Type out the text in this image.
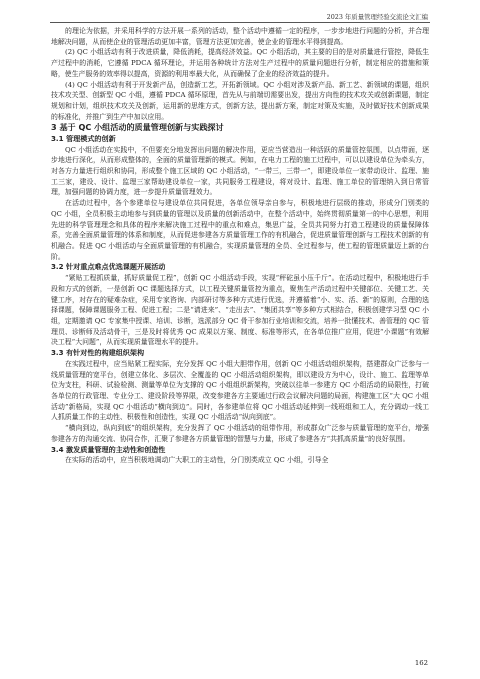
2023 年质量管理经验交流论文汇编

的理论为依据，并采用科学的方法开展一系列的活动，整个活动中遵循一定的程序，一步步地进行问题的分析，并合理地解决问题，从而使企业的管理活动更加丰富，管理方法更加完善，使企业的管理水平得到提高。

(2) QC 小组活动有利于改进质量，降低消耗，提高经济效益。QC 小组活动，其主要的目的是对质量进行管控，降低生产过程中的消耗，它遵循 PDCA 循环理论，并运用各种统计方法对生产过程中的质量问题进行分析，制定相应的措施和策略，使生产服务的效率得以提高，资源的利用率最大化，从而确保了企业的经济效益的提升。

(4) QC 小组活动有利于开发新产品，创造新工艺，开拓新领域。QC 小组对涉及新产品、新工艺、新领域的课题，组织技术攻关型、创新型 QC 小组，遵循 PDCA 循环原理，首先从与前端切需要出发，提出方向性的技术攻关或创新课题，制定规划和计划，组织技术攻关及创新，运用新的思维方式，创新方法，提出新方案，制定对策及实施，及时做好技术创新成果的标准化，并推广到生产中加以应用。

3 基于 QC 小组活动的质量管理创新与实践探讨
3.1 管理模式的创新

QC 小组活动在实践中，不但要充分地发挥出问题的解决作用，更应当营造出一种活跃的质量管控氛围，以点带面，逐步地进行深化，从而形成整体的，全面的质量管理新的模式。例如，在电力工程的施工过程中，可以以建设单位为牵头方，对各方力量进行组织和协同，形成整个施工区域的 QC 小组活动，“一带三，三带一”，即建设单位一家带动设计、监理、施工三家，建设、设计、监理三家帮助建设单位一家，共同服务工程建设，将对设计、监理、施工单位的管理纳入到日常管理，加强问题的协调力度，进一步提升质量管理效力。

在活动过程中，各个参建单位与建设单位共同促进，各单位领导亲自参与，积极地进行层级的推动，形成分门别类的 QC 小组，全员积极主动地参与到质量的管理以及质量的创新活动中，在整个活动中，始终贯彻质量第一的中心思想，利用先进的科学管理理念和具体的程序来解决施工过程中的重点和难点，集思广益，全员共同努力打造工程建设的质量保障体系，完善全面质量管理的体系和制度，从而促进参建各方质量管理工作的有机融合，促进质量管理创新与工程技术创新的有机融合。促进 QC 小组活动与全面质量管理的有机融合，实现质量管理的全员、全过程参与，使工程的管理质量迈上新的台阶。

3.2 针对重点难点优选课题开展活动

“紧贴工程抓质量，抓好质量促工程”，创新 QC 小组活动手段，实现“秤砣虽小压千斤”。在活动过程中，积极地进行手段和方式的创新，一是创新 QC 课题选择方式，以工程关键质量管控为重点，聚焦生产活动过程中关键部位、关键工艺、关键工序，对存在的疑难杂症，采用专家咨询、内部研讨等多种方式进行优选，并遵循着“小、实、活、新”的原则，合理的选择课题，保障课题服务工程、促进工程；二是“请进来”、“走出去”、“集团共享”等多种方式相结合，积极创建学习型 QC 小组，定期邀请 QC 专家集中授课、培训、诊断，选派部分 QC 骨干参加行业培训和交流，培养一批懂技术、善管理的 QC 管理员、诊断师及活动骨干，三是及时将优秀 QC 成果以方案、制度、标准等形式，在各单位推广应用，促进“小课题”有效解决工程“大问题”，从而实现质量管理水平的提升。

3.3 有针对性的构建组织架构

在实践过程中，应当贴紧工程实际，充分发挥 QC 小组大胆带作用，创新 QC 小组活动组织架构，搭建群众广泛参与一线质量管理的宽平台，创建立体化、多层次、全覆盖的 QC 小组活动组织架构，即以建设方为中心，设计、施工、监理等单位为支柱，科研、试验检测、测量等单位为支撑的 QC 小组组织新架构，突破以往单一参建方 QC 小组活动的局限性，打破各单位的行政管理、专业分工、建设阶段等界限，改变参建各方主要通过行政会议解决问题的局面，构建施工区“大 QC 小组活动”新格局，实现 QC 小组活动“横向到边”。同时，各参建单位将 QC 小组活动延伸到一线班组和工人，充分调动一线工人抓质量工作的主动性、积极性和创造性，实现 QC 小组活动“纵向到底”。

“横向到边，纵向到底”的组织架构，充分发挥了 QC 小组活动的纽带作用，形成群众广泛参与质量管理的宽平台，增强参建各方的沟通交流、协同合作，汇聚了参建各方质量管理的智慧与力量，形成了参建各方“共抓高质量”的良好氛围。

3.4 激发质量管理的主动性和创造性

在实际的活动中，应当积极地调动广大职工的主动性，分门别类成立 QC 小组，引导全

162
